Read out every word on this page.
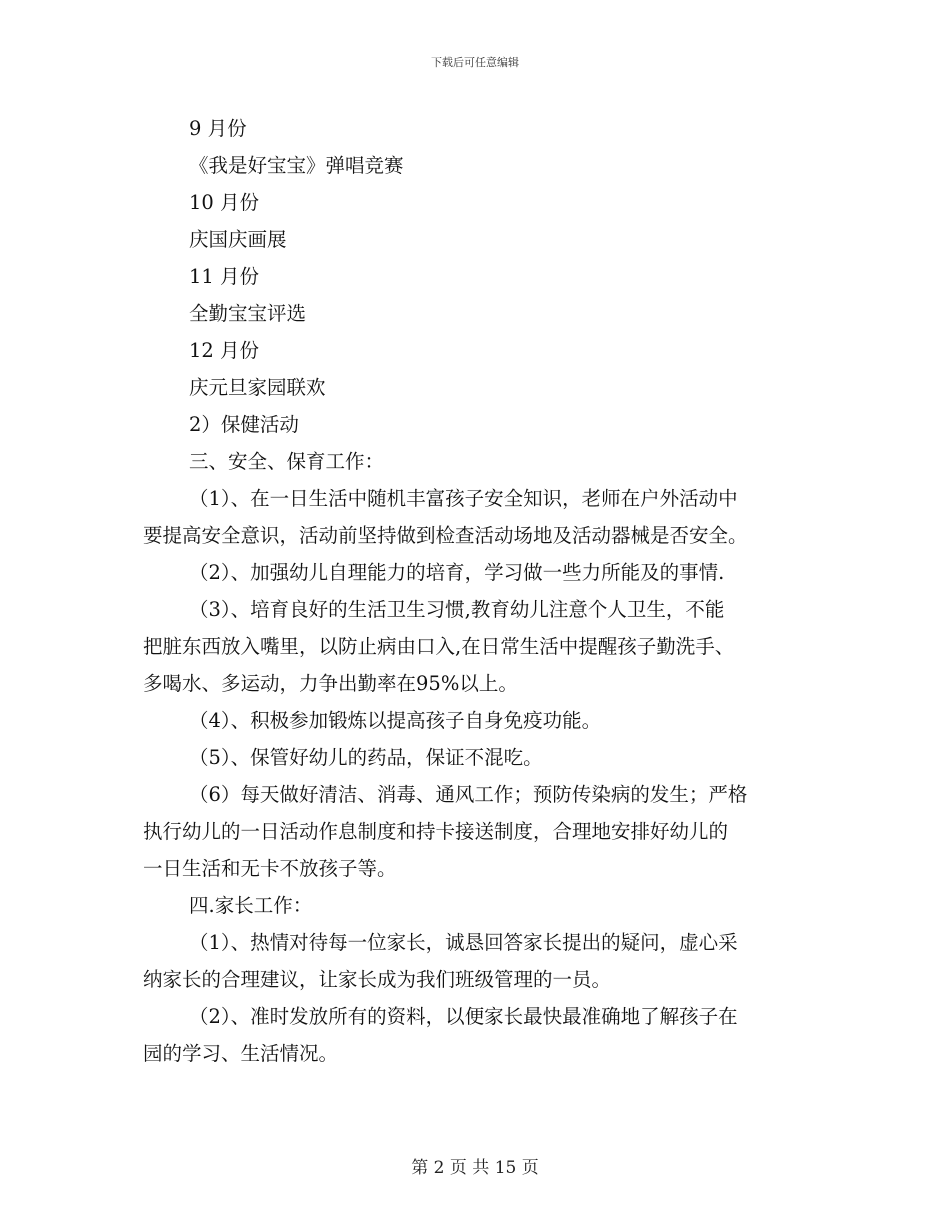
下载后可任意编辑
9 月份
《我是好宝宝》弹唱竞赛
10 月份
庆国庆画展
11 月份
全勤宝宝评选
12 月份
庆元旦家园联欢
2）保健活动
三、安全、保育工作：
（1）、在一日生活中随机丰富孩子安全知识，老师在户外活动中
要提高安全意识，活动前坚持做到检查活动场地及活动器械是否安全。
（2）、加强幼儿自理能力的培育，学习做一些力所能及的事情.
（3）、培育良好的生活卫生习惯,教育幼儿注意个人卫生，不能
把脏东西放入嘴里，以防止病由口入,在日常生活中提醒孩子勤洗手、
多喝水、多运动，力争出勤率在95%以上。
（4）、积极参加锻炼以提高孩子自身免疫功能。
（5）、保管好幼儿的药品，保证不混吃。
（6）每天做好清洁、消毒、通风工作；预防传染病的发生；严格
执行幼儿的一日活动作息制度和持卡接送制度，合理地安排好幼儿的
一日生活和无卡不放孩子等。
四.家长工作：
（1）、热情对待每一位家长，诚恳回答家长提出的疑问，虚心采
纳家长的合理建议，让家长成为我们班级管理的一员。
（2）、准时发放所有的资料，以便家长最快最准确地了解孩子在
园的学习、生活情况。
第 2 页 共 15 页
